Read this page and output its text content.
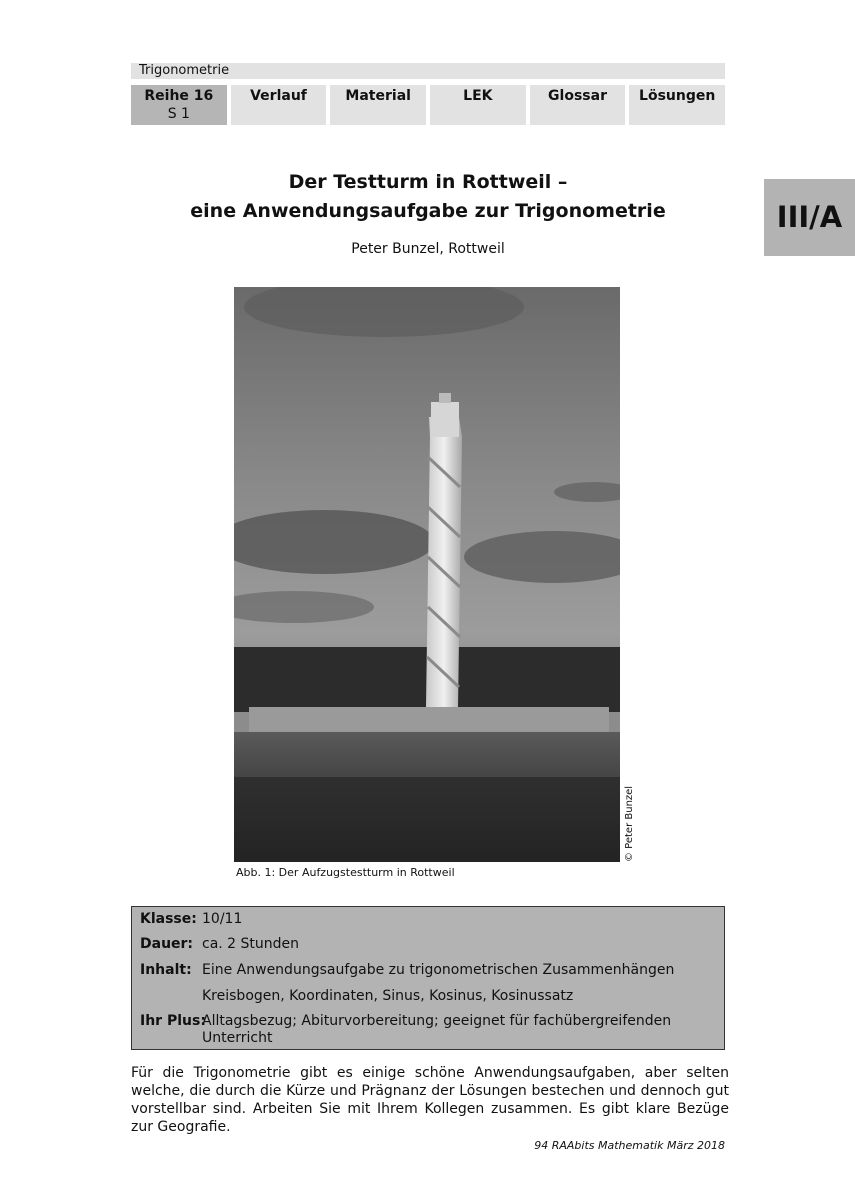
Trigonometrie
Reihe 16
S 1
Verlauf	Material	LEK	Glossar	Lösungen
III/A
Der Testturm in Rottweil –
eine Anwendungsaufgabe zur Trigonometrie
Peter Bunzel, Rottweil
© Peter Bunzel
Abb. 1: Der Aufzugstestturm in Rottweil
Klasse: 10/11
Dauer: ca. 2 Stunden
Inhalt: Eine Anwendungsaufgabe zu trigonometrischen Zusammenhängen
Kreisbogen, Koordinaten, Sinus, Kosinus, Kosinussatz
Ihr Plus:
Alltagsbezug; Abiturvorbereitung; geeignet für fachübergreifenden Unterricht
Für die Trigonometrie gibt es einige schöne Anwendungsaufgaben, aber selten welche, die durch die Kürze und Prägnanz der Lösungen bestechen und dennoch gut vorstellbar sind. Arbeiten Sie mit Ihrem Kollegen zusammen. Es gibt klare Bezüge zur Geografie.
94 RAAbits Mathematik März 2018
